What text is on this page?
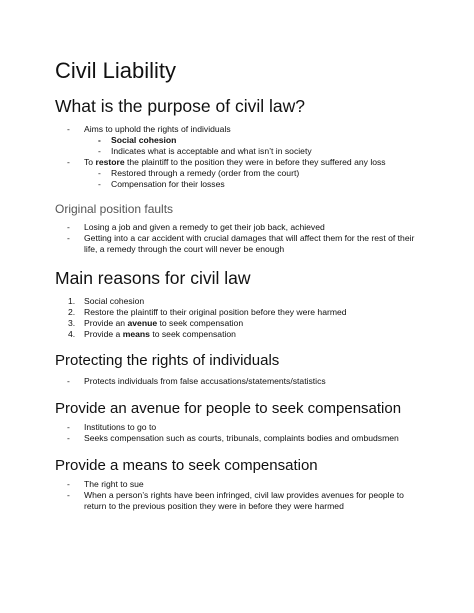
Civil Liability
What is the purpose of civil law?
- Aims to uphold the rights of individuals
- Social cohesion
- Indicates what is acceptable and what isn’t in society
- To restore the plaintiff to the position they were in before they suffered any loss
- Restored through a remedy (order from the court)
- Compensation for their losses
Original position faults
- Losing a job and given a remedy to get their job back, achieved
- Getting into a car accident with crucial damages that will affect them for the rest of their
life, a remedy through the court will never be enough
Main reasons for civil law
1. Social cohesion
2. Restore the plaintiff to their original position before they were harmed
3. Provide an avenue to seek compensation
4. Provide a means to seek compensation
Protecting the rights of individuals
- Protects individuals from false accusations/statements/statistics
Provide an avenue for people to seek compensation
- Institutions to go to
- Seeks compensation such as courts, tribunals, complaints bodies and ombudsmen
Provide a means to seek compensation
- The right to sue
- When a person’s rights have been infringed, civil law provides avenues for people to
return to the previous position they were in before they were harmed
